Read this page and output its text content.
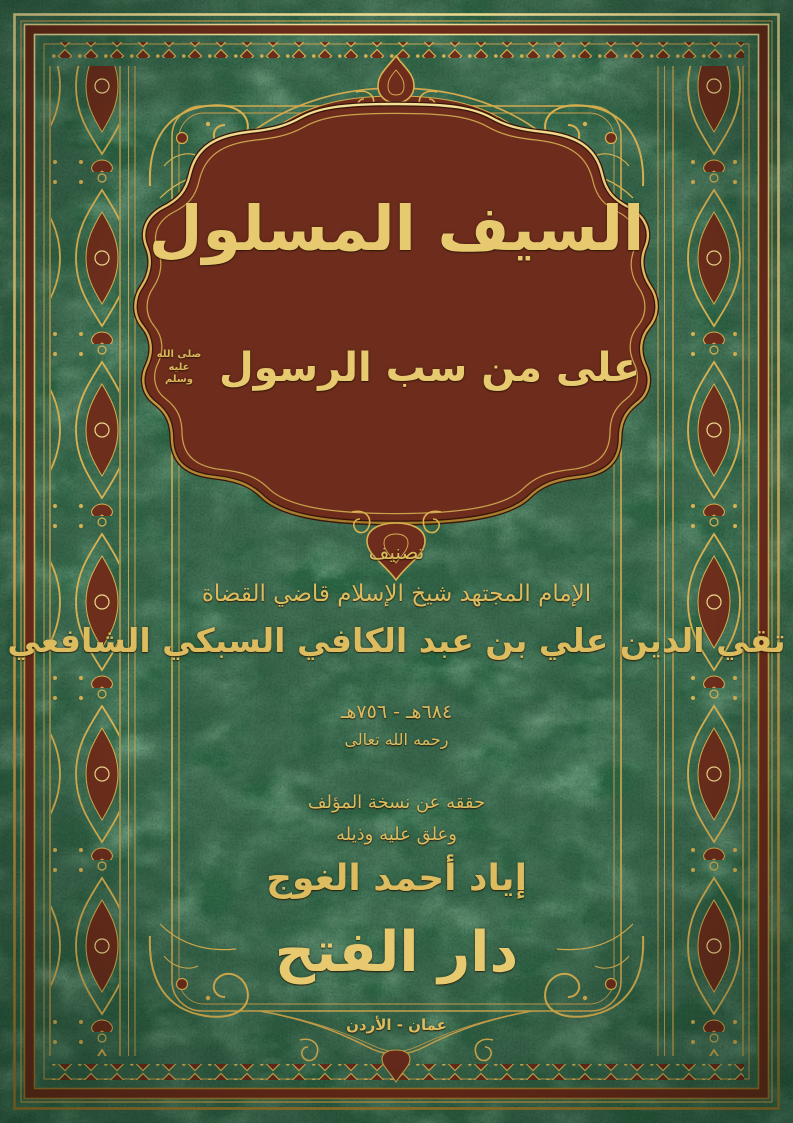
السيف المسلول
على من سب الرسول
صلى الله عليه وسلم
تصنيف
الإمام المجتهد شيخ الإسلام قاضي القضاة
تقي الدين علي بن عبد الكافي السبكي الشافعي
٦٨٤هـ - ٧٥٦هـ
رحمه الله تعالى
حققه عن نسخة المؤلف
وعلق عليه وذيله
إياد أحمد الغوج
دار الفتح
عمان - الأردن
